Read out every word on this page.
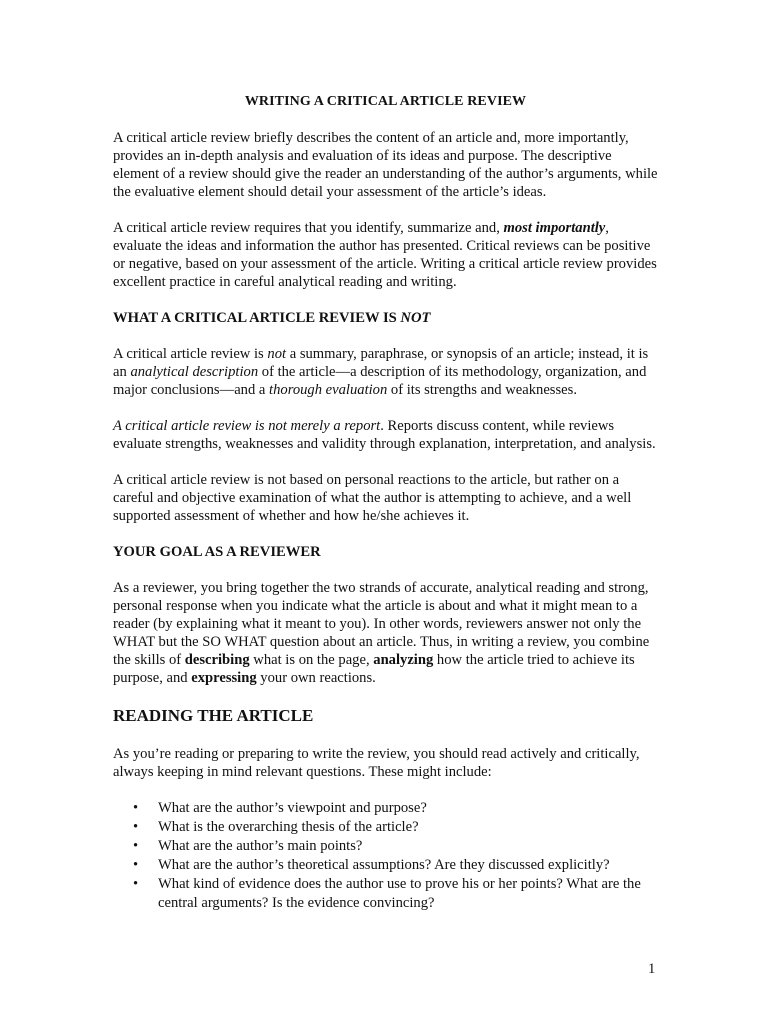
WRITING A CRITICAL ARTICLE REVIEW

A critical article review briefly describes the content of an article and, more importantly, provides an in-depth analysis and evaluation of its ideas and purpose. The descriptive element of a review should give the reader an understanding of the author’s arguments, while the evaluative element should detail your assessment of the article’s ideas.

A critical article review requires that you identify, summarize and, most importantly, evaluate the ideas and information the author has presented. Critical reviews can be positive or negative, based on your assessment of the article. Writing a critical article review provides excellent practice in careful analytical reading and writing.

WHAT A CRITICAL ARTICLE REVIEW IS NOT

A critical article review is not a summary, paraphrase, or synopsis of an article; instead, it is an analytical description of the article—a description of its methodology, organization, and major conclusions—and a thorough evaluation of its strengths and weaknesses.

A critical article review is not merely a report. Reports discuss content, while reviews evaluate strengths, weaknesses and validity through explanation, interpretation, and analysis.

A critical article review is not based on personal reactions to the article, but rather on a careful and objective examination of what the author is attempting to achieve, and a well supported assessment of whether and how he/she achieves it.

YOUR GOAL AS A REVIEWER

As a reviewer, you bring together the two strands of accurate, analytical reading and strong, personal response when you indicate what the article is about and what it might mean to a reader (by explaining what it meant to you). In other words, reviewers answer not only the WHAT but the SO WHAT question about an article. Thus, in writing a review, you combine the skills of describing what is on the page, analyzing how the article tried to achieve its purpose, and expressing your own reactions.

READING THE ARTICLE

As you’re reading or preparing to write the review, you should read actively and critically, always keeping in mind relevant questions. These might include:

• What are the author’s viewpoint and purpose?
• What is the overarching thesis of the article?
• What are the author’s main points?
• What are the author’s theoretical assumptions? Are they discussed explicitly?
• What kind of evidence does the author use to prove his or her points? What are the central arguments? Is the evidence convincing?
1
